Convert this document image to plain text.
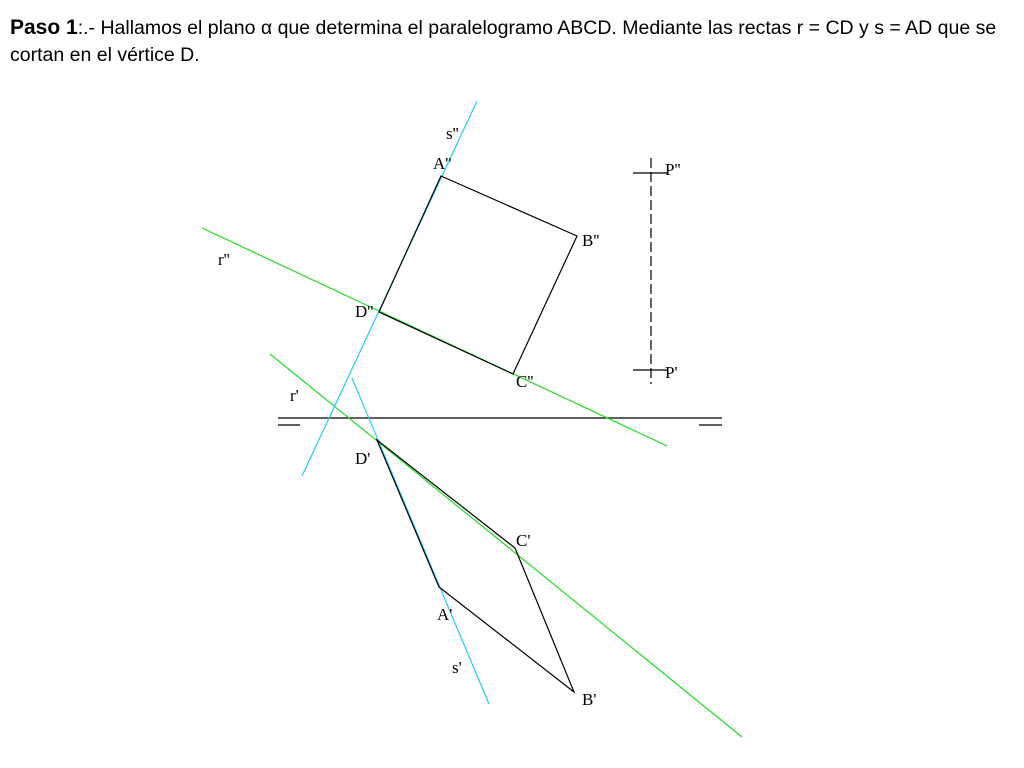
Paso 1:.- Hallamos el plano α que determina el paralelogramo ABCD. Mediante las rectas r = CD y s = AD que se cortan en el vértice D.
s''
A''
B''
r''
D''
C''
P''
P'
r'
D'
C'
A'
s'
B'
